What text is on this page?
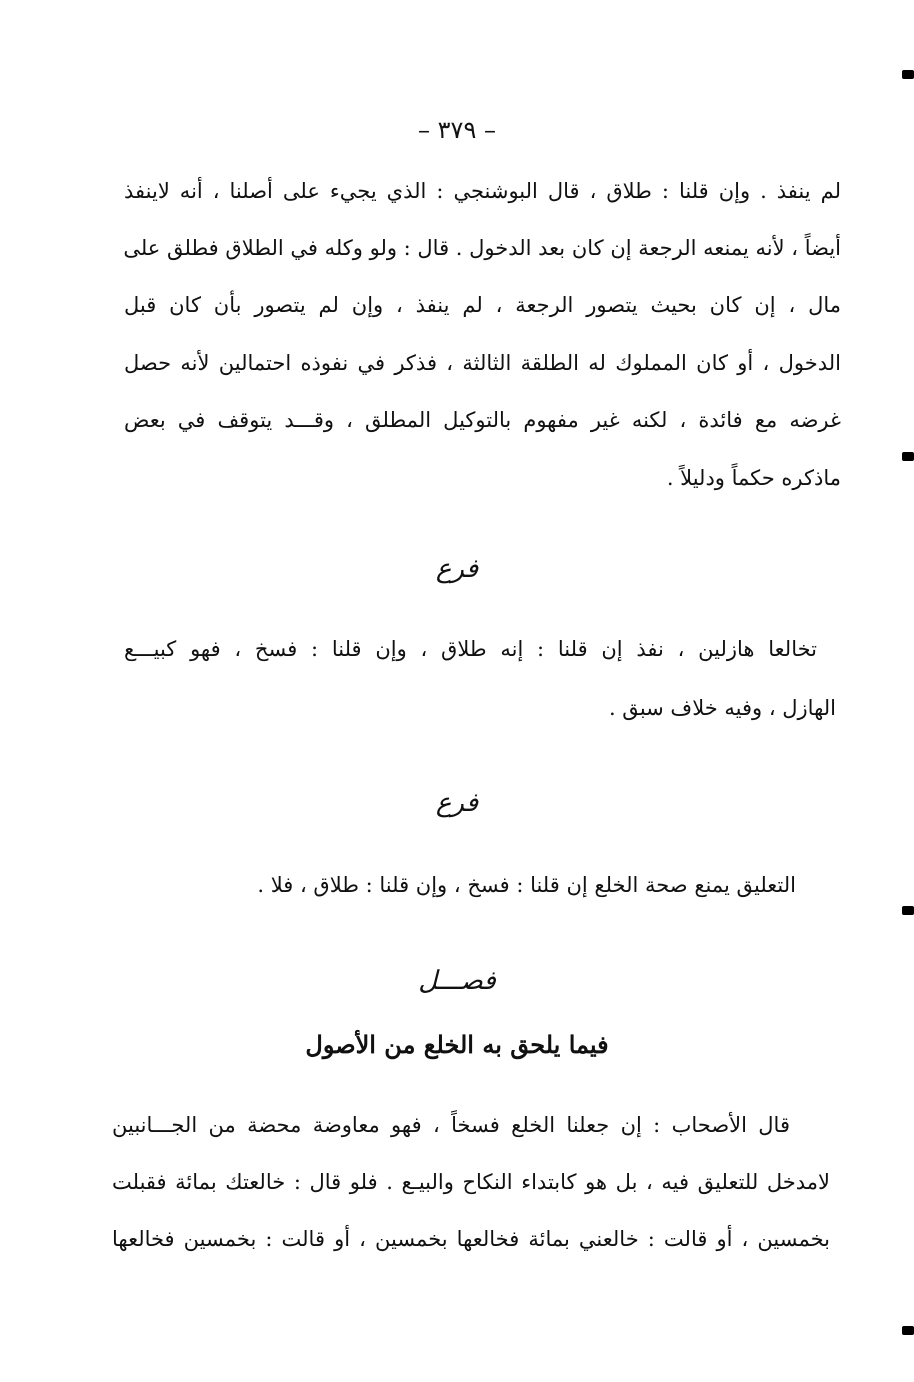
– ٣٧٩ –
لم ينفذ . وإن قلنا : طلاق ، قال البوشنجي : الذي يجيء على أصلنا ، أنه لاينفذ
أيضاً ، لأنه يمنعه الرجعة إن كان بعد الدخول . قال : ولو وكله في الطلاق فطلق على
مال ، إن كان بحيث يتصور الرجعة ، لم ينفذ ، وإن لم يتصور بأن كان قبل
الدخول ، أو كان المملوك له الطلقة الثالثة ، فذكر في نفوذه احتمالين لأنه حصل
غرضه مع فائدة ، لكنه غير مفهوم بالتوكيل المطلق ، وقـــد يتوقف في بعض
ماذكره حكماً ودليلاً .
فرع
تخالعا هازلين ، نفذ إن قلنا : إنه طلاق ، وإن قلنا : فسخ ، فهو كبيـــع
الهازل ، وفيه خلاف سبق .
فرع
التعليق يمنع صحة الخلع إن قلنا : فسخ ، وإن قلنا : طلاق ، فلا .
فصـــل
فيما يلحق به الخلع من الأصول
قال الأصحاب : إن جعلنا الخلع فسخاً ، فهو معاوضة محضة من الجـــانبين
لامدخل للتعليق فيه ، بل هو كابتداء النكاح والبيـع . فلو قال : خالعتك بمائة فقبلت
بخمسين ، أو قالت : خالعني بمائة فخالعها بخمسين ، أو قالت : بخمسين فخالعها
